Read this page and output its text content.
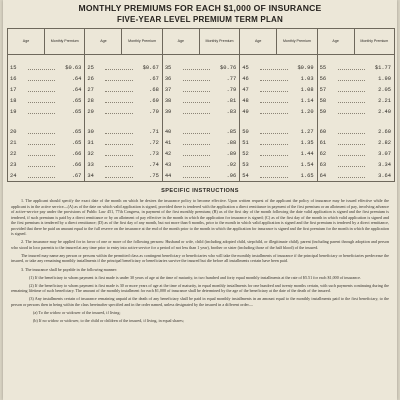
MONTHLY PREMIUMS FOR EACH $1,000 OF INSURANCE
FIVE-YEAR LEVEL PREMIUM TERM PLAN
Age	Monthly Premium
15	$0.63
16	.64
17	.64
18	.65
19	.65
20	.65
21	.65
22	.66
23	.66
24	.67
Age	Monthly Premium
25	$0.67
26	.67
27	.68
28	.69
29	.70
30	.71
31	.72
32	.73
33	.74
34	.75
Age	Monthly Premium
35	$0.76
36	.77
37	.79
38	.81
39	.83
40	.85
41	.88
42	.89
43	.92
44	.96
Age	Monthly Premium
45	$0.99
46	1.03
47	1.08
48	1.14
49	1.20
50	1.27
51	1.35
52	1.44
53	1.54
54	1.65
Age	Monthly Premium
55	$1.77
56	1.90
57	2.05
58	2.21
59	2.40
60	2.60
61	2.82
62	3.07
63	3.34
64	3.64
SPECIFIC INSTRUCTIONS

1. The applicant should specify the exact date of the month on which he desires the insurance policy to become effective. Upon written request of the applicant the policy of insurance may be issued effective while the applicant is in the active service—(A) as of the date on which valid application is signed, provided there is tendered with the application a direct remittance in payment of the first premium or an allotment of pay, involving advance of active-service pay under the provisions of Public Law 451, 77th Congress, in payment of the first monthly premium; (B) as of the first day of the month following the date valid application is signed and the first premium is tendered, if such premium is paid by a direct remittance or by an allotment of pay effective in the month in which the application for insurance is signed; (C) as of the first day of the month in which valid application is signed and the first premium is tendered by a direct remittance; (D) as of the first day of any month, but not more than 6 months, prior to the month in which valid application is signed and the first premium is tendered by a direct remittance, provided that there be paid an amount equal to the full reserve on the insurance at the end of the month prior to the month in which the application for insurance is signed and the first premium for the month in which the application is signed.

2. The insurance may be applied for in favor of one or more of the following persons: Husband or wife, child (including adopted child, stepchild, or illegitimate child), parent (including parent through adoption and person who stood in loco parentis to the insured at any time prior to entry into active service for a period of not less than 1 year), brother or sister (including those of the half blood) of the insured.

The insured may name any person or persons within the permitted class as contingent beneficiary or beneficiaries who will take the monthly installments of insurance if the principal beneficiary or beneficiaries predecease the insured, or take any remaining monthly installments if the principal beneficiary or beneficiaries survive the insured but die before all installments certain have been paid.

3. The insurance shall be payable in the following manner:

(1) If the beneficiary to whom payment is first made is under 30 years of age at the time of maturity, in two hundred and forty equal monthly installments at the rate of $5.51 for each $1,000 of insurance.

(2) If the beneficiary to whom payment is first made is 30 or more years of age at the time of maturity, in equal monthly installments for one hundred and twenty months certain, with such payments continuing during the remaining lifetime of such beneficiary. The amount of the monthly installment for each $1,000 of insurance shall be determined by the age of the beneficiary at the date of the death of the insured.

(3) Any installments certain of insurance remaining unpaid at the death of any beneficiary shall be paid in equal monthly installments in an amount equal to the monthly installments paid to the first beneficiary, to the person or persons then in being within the class hereinafter specified and in the order named, unless designated by the insured in a different order—

(a) To the widow or widower of the insured, if living;

(b) If no widow or widower, to the child or children of the insured, if living, in equal shares;
